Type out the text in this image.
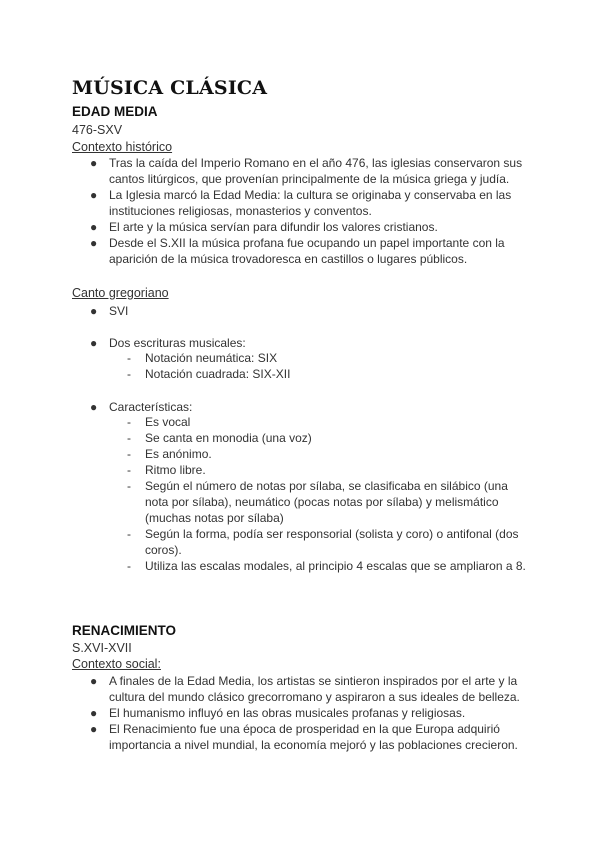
MÚSICA CLÁSICA
EDAD MEDIA
476-SXV
Contexto histórico
● Tras la caída del Imperio Romano en el año 476, las iglesias conservaron sus cantos litúrgicos, que provenían principalmente de la música griega y judía.
● La Iglesia marcó la Edad Media: la cultura se originaba y conservaba en las instituciones religiosas, monasterios y conventos.
● El arte y la música servían para difundir los valores cristianos.
● Desde el S.XII la música profana fue ocupando un papel importante con la aparición de la música trovadoresca en castillos o lugares públicos.
Canto gregoriano
● SVI
● Dos escrituras musicales:
- Notación neumática: SIX
- Notación cuadrada: SIX-XII
● Características:
- Es vocal
- Se canta en monodia (una voz)
- Es anónimo.
- Ritmo libre.
- Según el número de notas por sílaba, se clasificaba en silábico (una nota por sílaba), neumático (pocas notas por sílaba) y melismático (muchas notas por sílaba)
- Según la forma, podía ser responsorial (solista y coro) o antifonal (dos coros).
- Utiliza las escalas modales, al principio 4 escalas que se ampliaron a 8.
RENACIMIENTO
S.XVI-XVII
Contexto social:
● A finales de la Edad Media, los artistas se sintieron inspirados por el arte y la cultura del mundo clásico grecorromano y aspiraron a sus ideales de belleza.
● El humanismo influyó en las obras musicales profanas y religiosas.
● El Renacimiento fue una época de prosperidad en la que Europa adquirió importancia a nivel mundial, la economía mejoró y las poblaciones crecieron.
